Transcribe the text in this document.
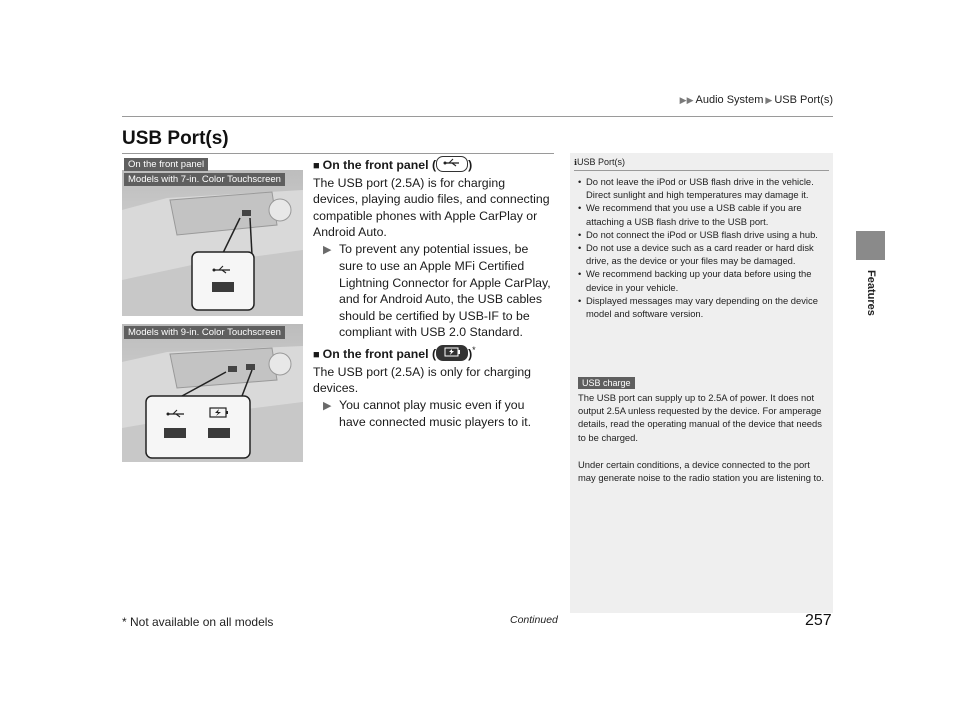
▶▶ Audio System ▶ USB Port(s)
USB Port(s)
Features
On the front panel
Models with 7-in. Color Touchscreen
Models with 9-in. Color Touchscreen
■ On the front panel (	)
The USB port (2.5A) is for charging devices, playing audio files, and connecting compatible phones with Apple CarPlay or Android Auto.
▶ To prevent any potential issues, be sure to use an Apple MFi Certified Lightning Connector for Apple CarPlay, and for Android Auto, the USB cables should be certified by USB-IF to be compliant with USB 2.0 Standard.
■ On the front panel (	)*
The USB port (2.5A) is only for charging devices.
▶ You cannot play music even if you have connected music players to it.
ℹUSB Port(s)
• Do not leave the iPod or USB flash drive in the vehicle. Direct sunlight and high temperatures may damage it.
• We recommend that you use a USB cable if you are attaching a USB flash drive to the USB port.
• Do not connect the iPod or USB flash drive using a hub.
• Do not use a device such as a card reader or hard disk drive, as the device or your files may be damaged.
• We recommend backing up your data before using the device in your vehicle.
• Displayed messages may vary depending on the device model and software version.
USB charge
The USB port can supply up to 2.5A of power. It does not output 2.5A unless requested by the device. For amperage details, read the operating manual of the device that needs to be charged.
Under certain conditions, a device connected to the port may generate noise to the radio station you are listening to.
Continued	257
* Not available on all models
